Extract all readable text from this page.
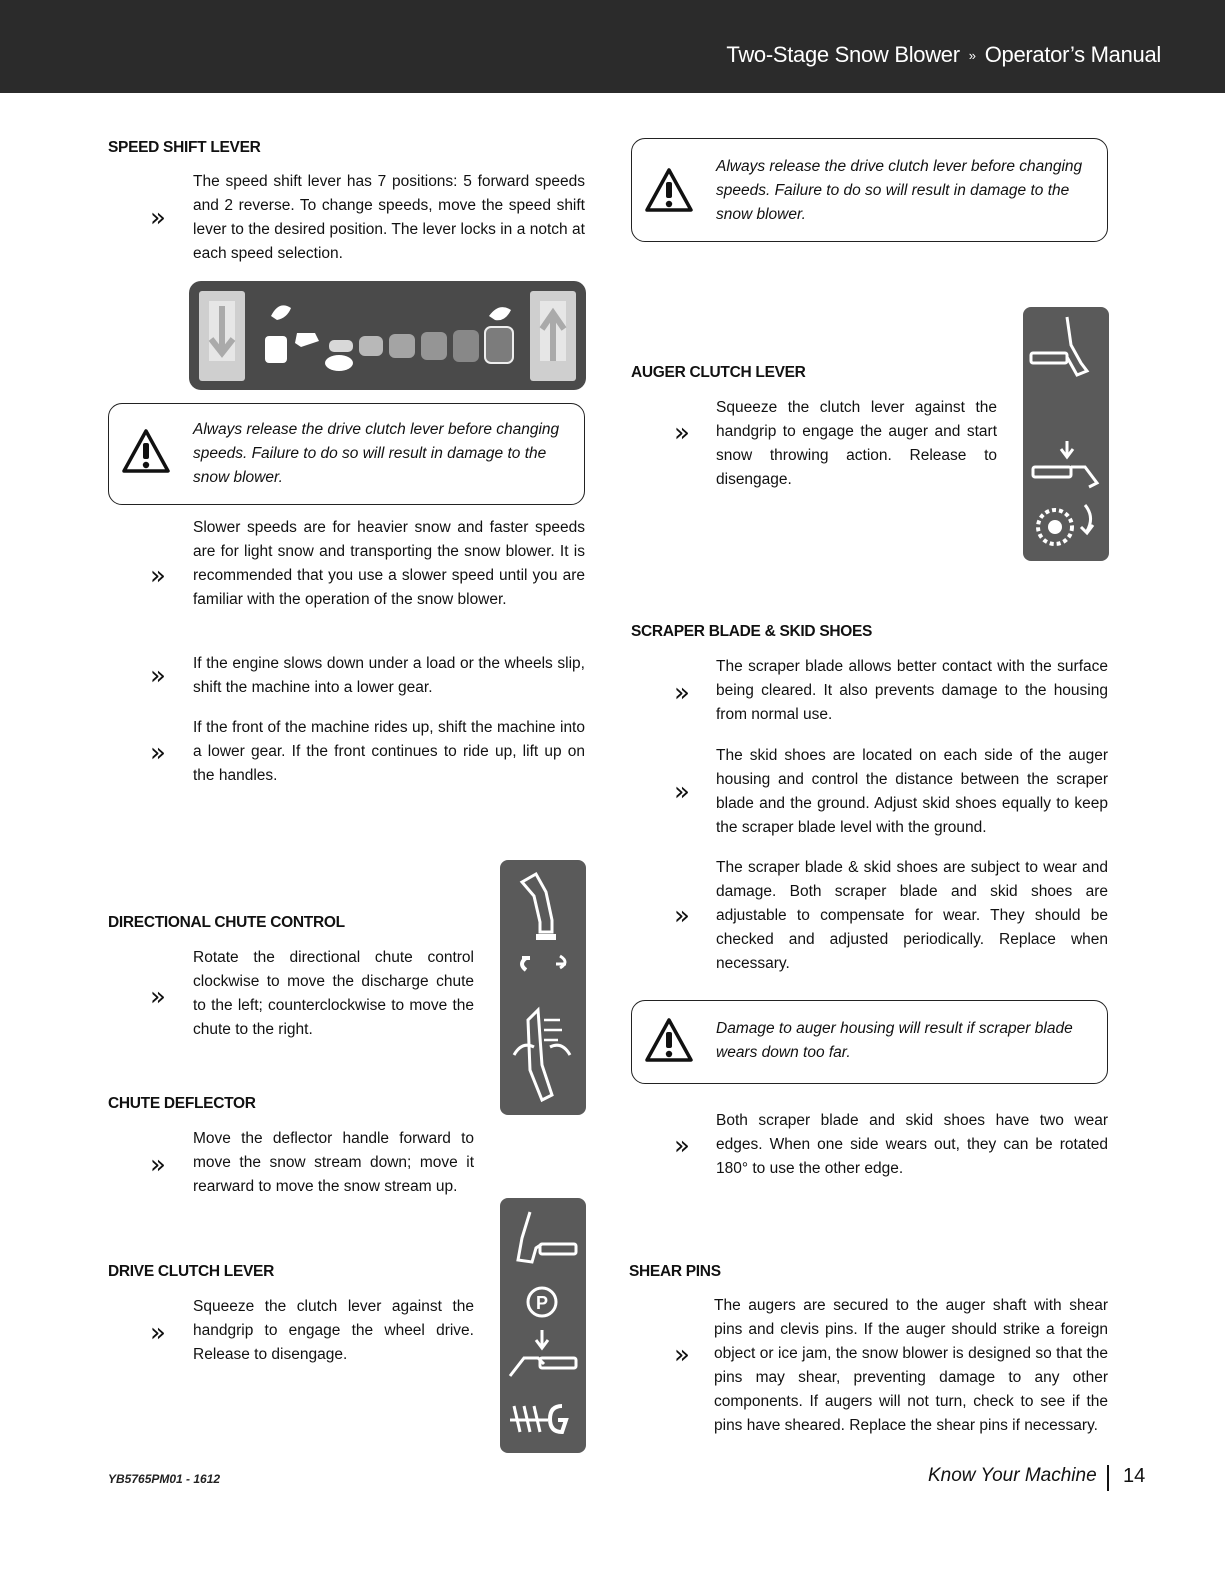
Two-Stage Snow Blower » Operator’s Manual
SPEED SHIFT LEVER
»
The speed shift lever has 7 positions: 5 forward speeds and 2 reverse. To change speeds, move the speed shift lever to the desired position. The lever locks in a notch at each speed selection.
Always release the drive clutch lever before changing speeds. Failure to do so will result in damage to the snow blower.
»
Slower speeds are for heavier snow and faster speeds are for light snow and transporting the snow blower. It is recommended that you use a slower speed until you are familiar with the operation of the snow blower.
» If the engine slows down under a load or the wheels slip, shift the machine into a lower gear.
»
If the front of the machine rides up, shift the machine into a lower gear. If the front continues to ride up, lift up on the handles.
DIRECTIONAL CHUTE CONTROL
»
Rotate the directional chute control clockwise to move the discharge chute to the left; counterclockwise to move the chute to the right.
CHUTE DEFLECTOR
»
Move the deflector handle forward to move the snow stream down; move it rearward to move the snow stream up.
P
DRIVE CLUTCH LEVER
»
Squeeze the clutch lever against the handgrip to engage the wheel drive. Release to disengage.
Always release the drive clutch lever before changing speeds. Failure to do so will result in damage to the snow blower.
AUGER CLUTCH LEVER
»
Squeeze the clutch lever against the handgrip to engage the auger and start snow throwing action. Release to disengage.
SCRAPER BLADE & SKID SHOES
»
The scraper blade allows better contact with the surface being cleared. It also prevents damage to the housing from normal use.
»
The skid shoes are located on each side of the auger housing and control the distance between the scraper blade and the ground. Adjust skid shoes equally to keep the scraper blade level with the ground.
»
The scraper blade & skid shoes are subject to wear and damage. Both scraper blade and skid shoes are adjustable to compensate for wear. They should be checked and adjusted periodically. Replace when necessary.
Damage to auger housing will result if scraper blade wears down too far.
»
Both scraper blade and skid shoes have two wear edges. When one side wears out, they can be rotated 180° to use the other edge.
SHEAR PINS
»
The augers are secured to the auger shaft with shear pins and clevis pins. If the auger should strike a foreign object or ice jam, the snow blower is designed so that the pins may shear, preventing damage to any other components. If augers will not turn, check to see if the pins have sheared. Replace the shear pins if necessary.
YB5765PM01 - 1612	Know Your Machine 14
